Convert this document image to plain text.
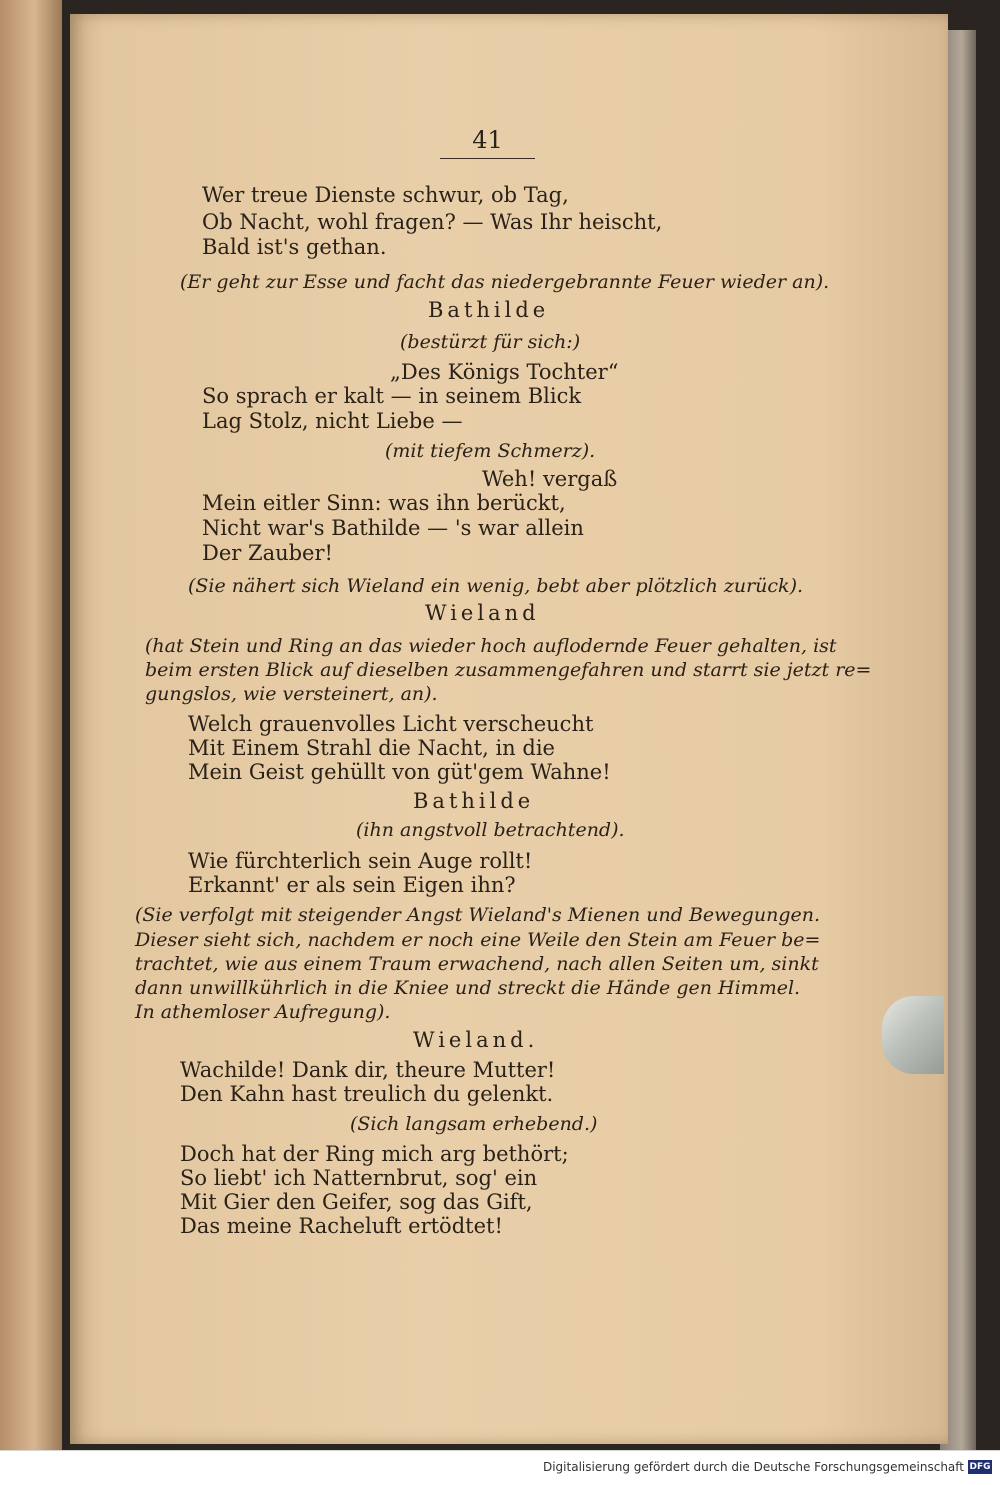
41
Wer treue Dienste schwur, ob Tag,
Ob Nacht, wohl fragen? — Was Ihr heischt,
Bald ist's gethan.
(Er geht zur Esse und facht das niedergebrannte Feuer wieder an).
Bathilde
(bestürzt für sich:)
„Des Königs Tochter“
So sprach er kalt — in seinem Blick
Lag Stolz, nicht Liebe —
(mit tiefem Schmerz).
Weh! vergaß
Mein eitler Sinn: was ihn berückt,
Nicht war's Bathilde — 's war allein
Der Zauber!
(Sie nähert sich Wieland ein wenig, bebt aber plötzlich zurück).
Wieland
(hat Stein und Ring an das wieder hoch auflodernde Feuer gehalten, ist
beim ersten Blick auf dieselben zusammengefahren und starrt sie jetzt re=
gungslos, wie versteinert, an).
Welch grauenvolles Licht verscheucht
Mit Einem Strahl die Nacht, in die
Mein Geist gehüllt von güt'gem Wahne!
Bathilde
(ihn angstvoll betrachtend).
Wie fürchterlich sein Auge rollt!
Erkannt' er als sein Eigen ihn?
(Sie verfolgt mit steigender Angst Wieland's Mienen und Bewegungen.
Dieser sieht sich, nachdem er noch eine Weile den Stein am Feuer be=
trachtet, wie aus einem Traum erwachend, nach allen Seiten um, sinkt
dann unwillkührlich in die Kniee und streckt die Hände gen Himmel.
In athemloser Aufregung).
Wieland.
Wachilde! Dank dir, theure Mutter!
Den Kahn hast treulich du gelenkt.
(Sich langsam erhebend.)
Doch hat der Ring mich arg bethört;
So liebt' ich Natternbrut, sog' ein
Mit Gier den Geifer, sog das Gift,
Das meine Racheluft ertödtet!
Digitalisierung gefördert durch die Deutsche Forschungsgemeinschaft DFG
